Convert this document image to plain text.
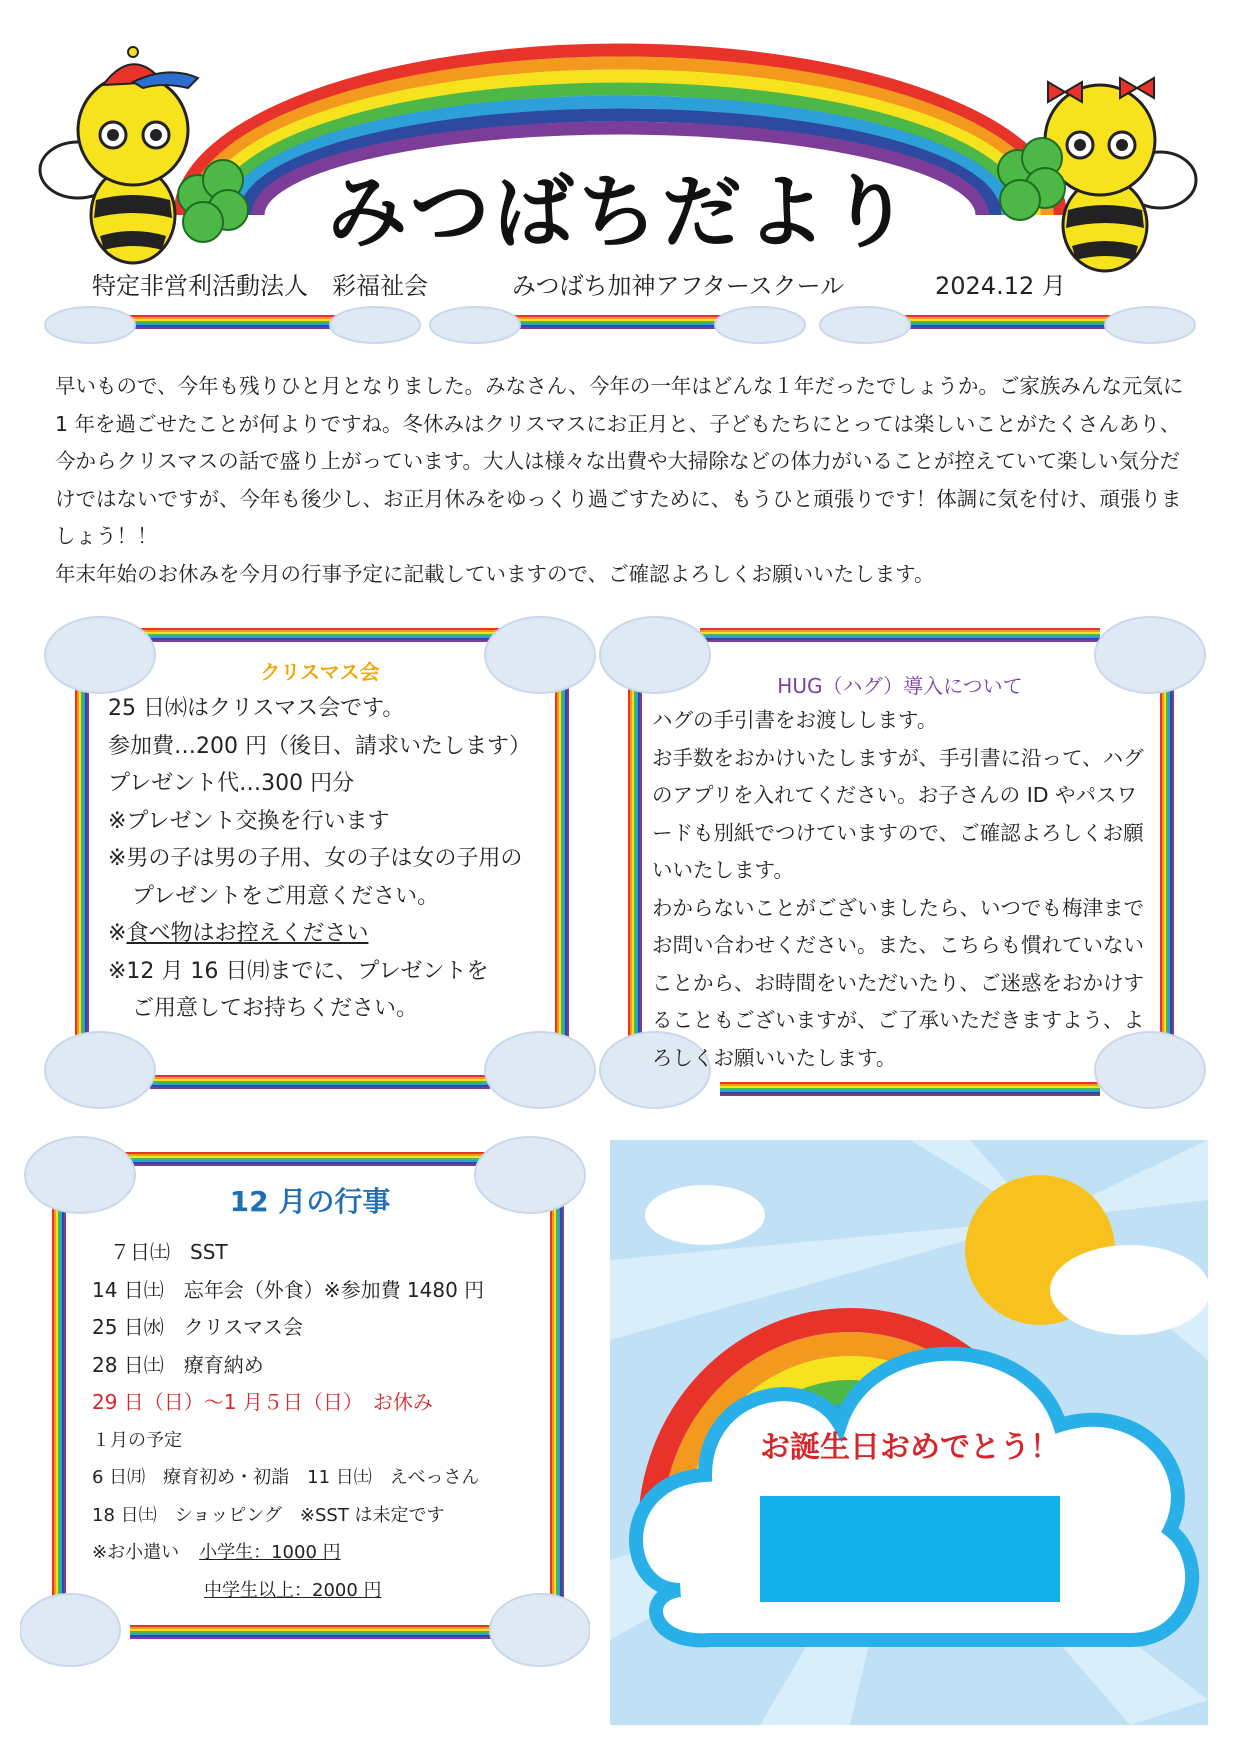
みつばちだより
特定非営利活動法人　彩福祉会	みつばち加神アフタースクール	2024.12 月

早いもので、今年も残りひと月となりました。みなさん、今年の一年はどんな１年だったでしょうか。ご家族みんな元気に 1 年を過ごせたことが何よりですね。冬休みはクリスマスにお正月と、子どもたちにとっては楽しいことがたくさんあり、今からクリスマスの話で盛り上がっています。大人は様々な出費や大掃除などの体力がいることが控えていて楽しい気分だけではないですが、今年も後少し、お正月休みをゆっくり過ごすために、もうひと頑張りです！体調に気を付け、頑張りましょう！！

年末年始のお休みを今月の行事予定に記載していますので、ご確認よろしくお願いいたします。

クリスマス会
25 日㈬はクリスマス会です。
参加費…200 円（後日、請求いたします）
プレゼント代…300 円分
※プレゼント交換を行います
※男の子は男の子用、女の子は女の子用の
プレゼントをご用意ください。
※食べ物はお控えください
※12 月 16 日㈪までに、プレゼントを
ご用意してお持ちください。
HUG（ハグ）導入について
ハグの手引書をお渡しします。
お手数をおかけいたしますが、手引書に沿って、ハグ
のアプリを入れてください。お子さんの ID やパスワ
ードも別紙でつけていますので、ご確認よろしくお願
いいたします。
わからないことがございましたら、いつでも梅津まで
お問い合わせください。また、こちらも慣れていない
ことから、お時間をいただいたり、ご迷惑をおかけす
ることもございますが、ご了承いただきますよう、よ
ろしくお願いいたします。
12 月の行事
７日㈯　SST
14 日㈯　忘年会（外食）※参加費 1480 円
25 日㈬　クリスマス会
28 日㈯　療育納め
29 日（日）～1 月５日（日）　お休み
１月の予定
6 日㈪　療育初め・初詣　11 日㈯　えべっさん
18 日㈯　ショッピング　※SST は未定です
※お小遣い 小学生：1000 円
中学生以上：2000 円
お誕生日おめでとう！
